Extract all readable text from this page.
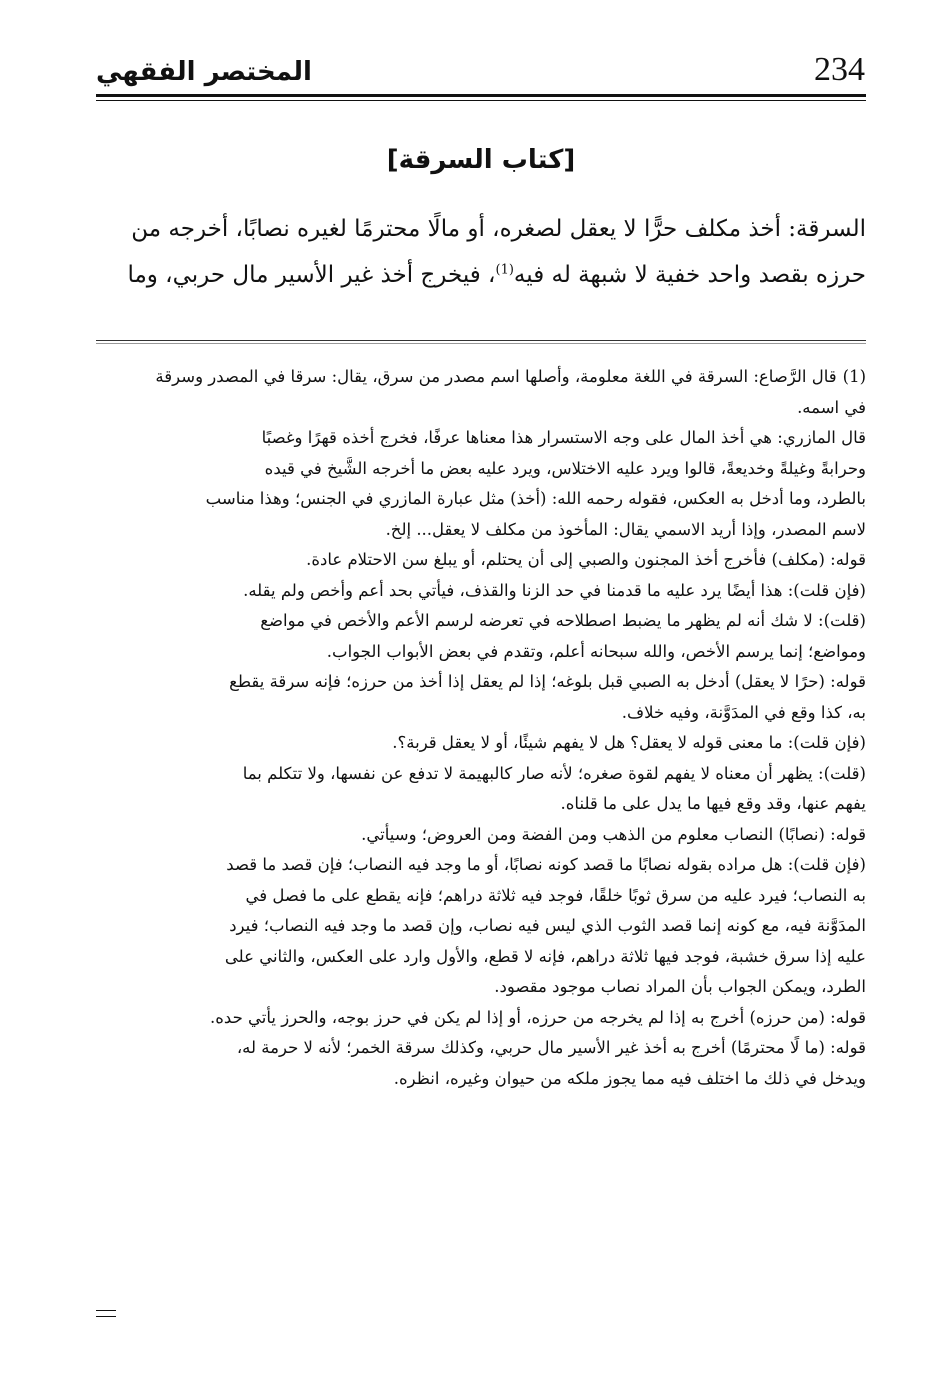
234
المختصر الفقهي
[كتاب السرقة]
السرقة: أخذ مكلف حرًّا لا يعقل لصغره، أو مالًا محترمًا لغيره نصابًا، أخرجه من
حرزه بقصد واحد خفية لا شبهة له فيه$^{(1)}$، فيخرج أخذ غير الأسير مال حربي، وما
(1)قال الرَّصاع: السرقة في اللغة معلومة، وأصلها اسم مصدر من سرق، يقال: سرقا في المصدر وسرقة
في اسمه.
قال المازري: هي أخذ المال على وجه الاستسرار هذا معناها عرفًا، فخرج أخذه قهرًا وغصبًا
وحرابةً وغيلةً وخديعةً، قالوا ويرد عليه الاختلاس، ويرد عليه بعض ما أخرجه الشَّيخ في قيده
بالطرد، وما أدخل به العكس، فقوله رحمه الله: (أخذ) مثل عبارة المازري في الجنس؛ وهذا مناسب
لاسم المصدر، وإذا أريد الاسمي يقال: المأخوذ من مكلف لا يعقل... إلخ.
قوله: (مكلف) فأخرج أخذ المجنون والصبي إلى أن يحتلم، أو يبلغ سن الاحتلام عادة.
(فإن قلت): هذا أيضًا يرد عليه ما قدمنا في حد الزنا والقذف، فيأتي بحد أعم وأخص ولم يقله.
(قلت): لا شك أنه لم يظهر ما يضبط اصطلاحه في تعرضه لرسم الأعم والأخص في مواضع
ومواضع؛ إنما يرسم الأخص، والله سبحانه أعلم، وتقدم في بعض الأبواب الجواب.
قوله: (حرًا لا يعقل) أدخل به الصبي قبل بلوغه؛ إذا لم يعقل إذا أخذ من حرزه؛ فإنه سرقة يقطع
به، كذا وقع في المدَوَّنة، وفيه خلاف.
(فإن قلت): ما معنى قوله لا يعقل؟ هل لا يفهم شيئًا، أو لا يعقل قربة؟.
(قلت): يظهر أن معناه لا يفهم لقوة صغره؛ لأنه صار كالبهيمة لا تدفع عن نفسها، ولا تتكلم بما
يفهم عنها، وقد وقع فيها ما يدل على ما قلناه.
قوله: (نصابًا) النصاب معلوم من الذهب ومن الفضة ومن العروض؛ وسيأتي.
(فإن قلت): هل مراده بقوله نصابًا ما قصد كونه نصابًا، أو ما وجد فيه النصاب؛ فإن قصد ما قصد
به النصاب؛ فيرد عليه من سرق ثوبًا خلقًا، فوجد فيه ثلاثة دراهم؛ فإنه يقطع على ما فصل في
المدَوَّنة فيه، مع كونه إنما قصد الثوب الذي ليس فيه نصاب، وإن قصد ما وجد فيه النصاب؛ فيرد
عليه إذا سرق خشبة، فوجد فيها ثلاثة دراهم، فإنه لا قطع، والأول وارد على العكس، والثاني على
الطرد، ويمكن الجواب بأن المراد نصاب موجود مقصود.
قوله: (من حرزه) أخرج به إذا لم يخرجه من حرزه، أو إذا لم يكن في حرز بوجه، والحرز يأتي حده.
قوله: (ما لًا محترمًا) أخرج به أخذ غير الأسير مال حربي، وكذلك سرقة الخمر؛ لأنه لا حرمة له،
ويدخل في ذلك ما اختلف فيه مما يجوز ملكه من حيوان وغيره، انظره.
